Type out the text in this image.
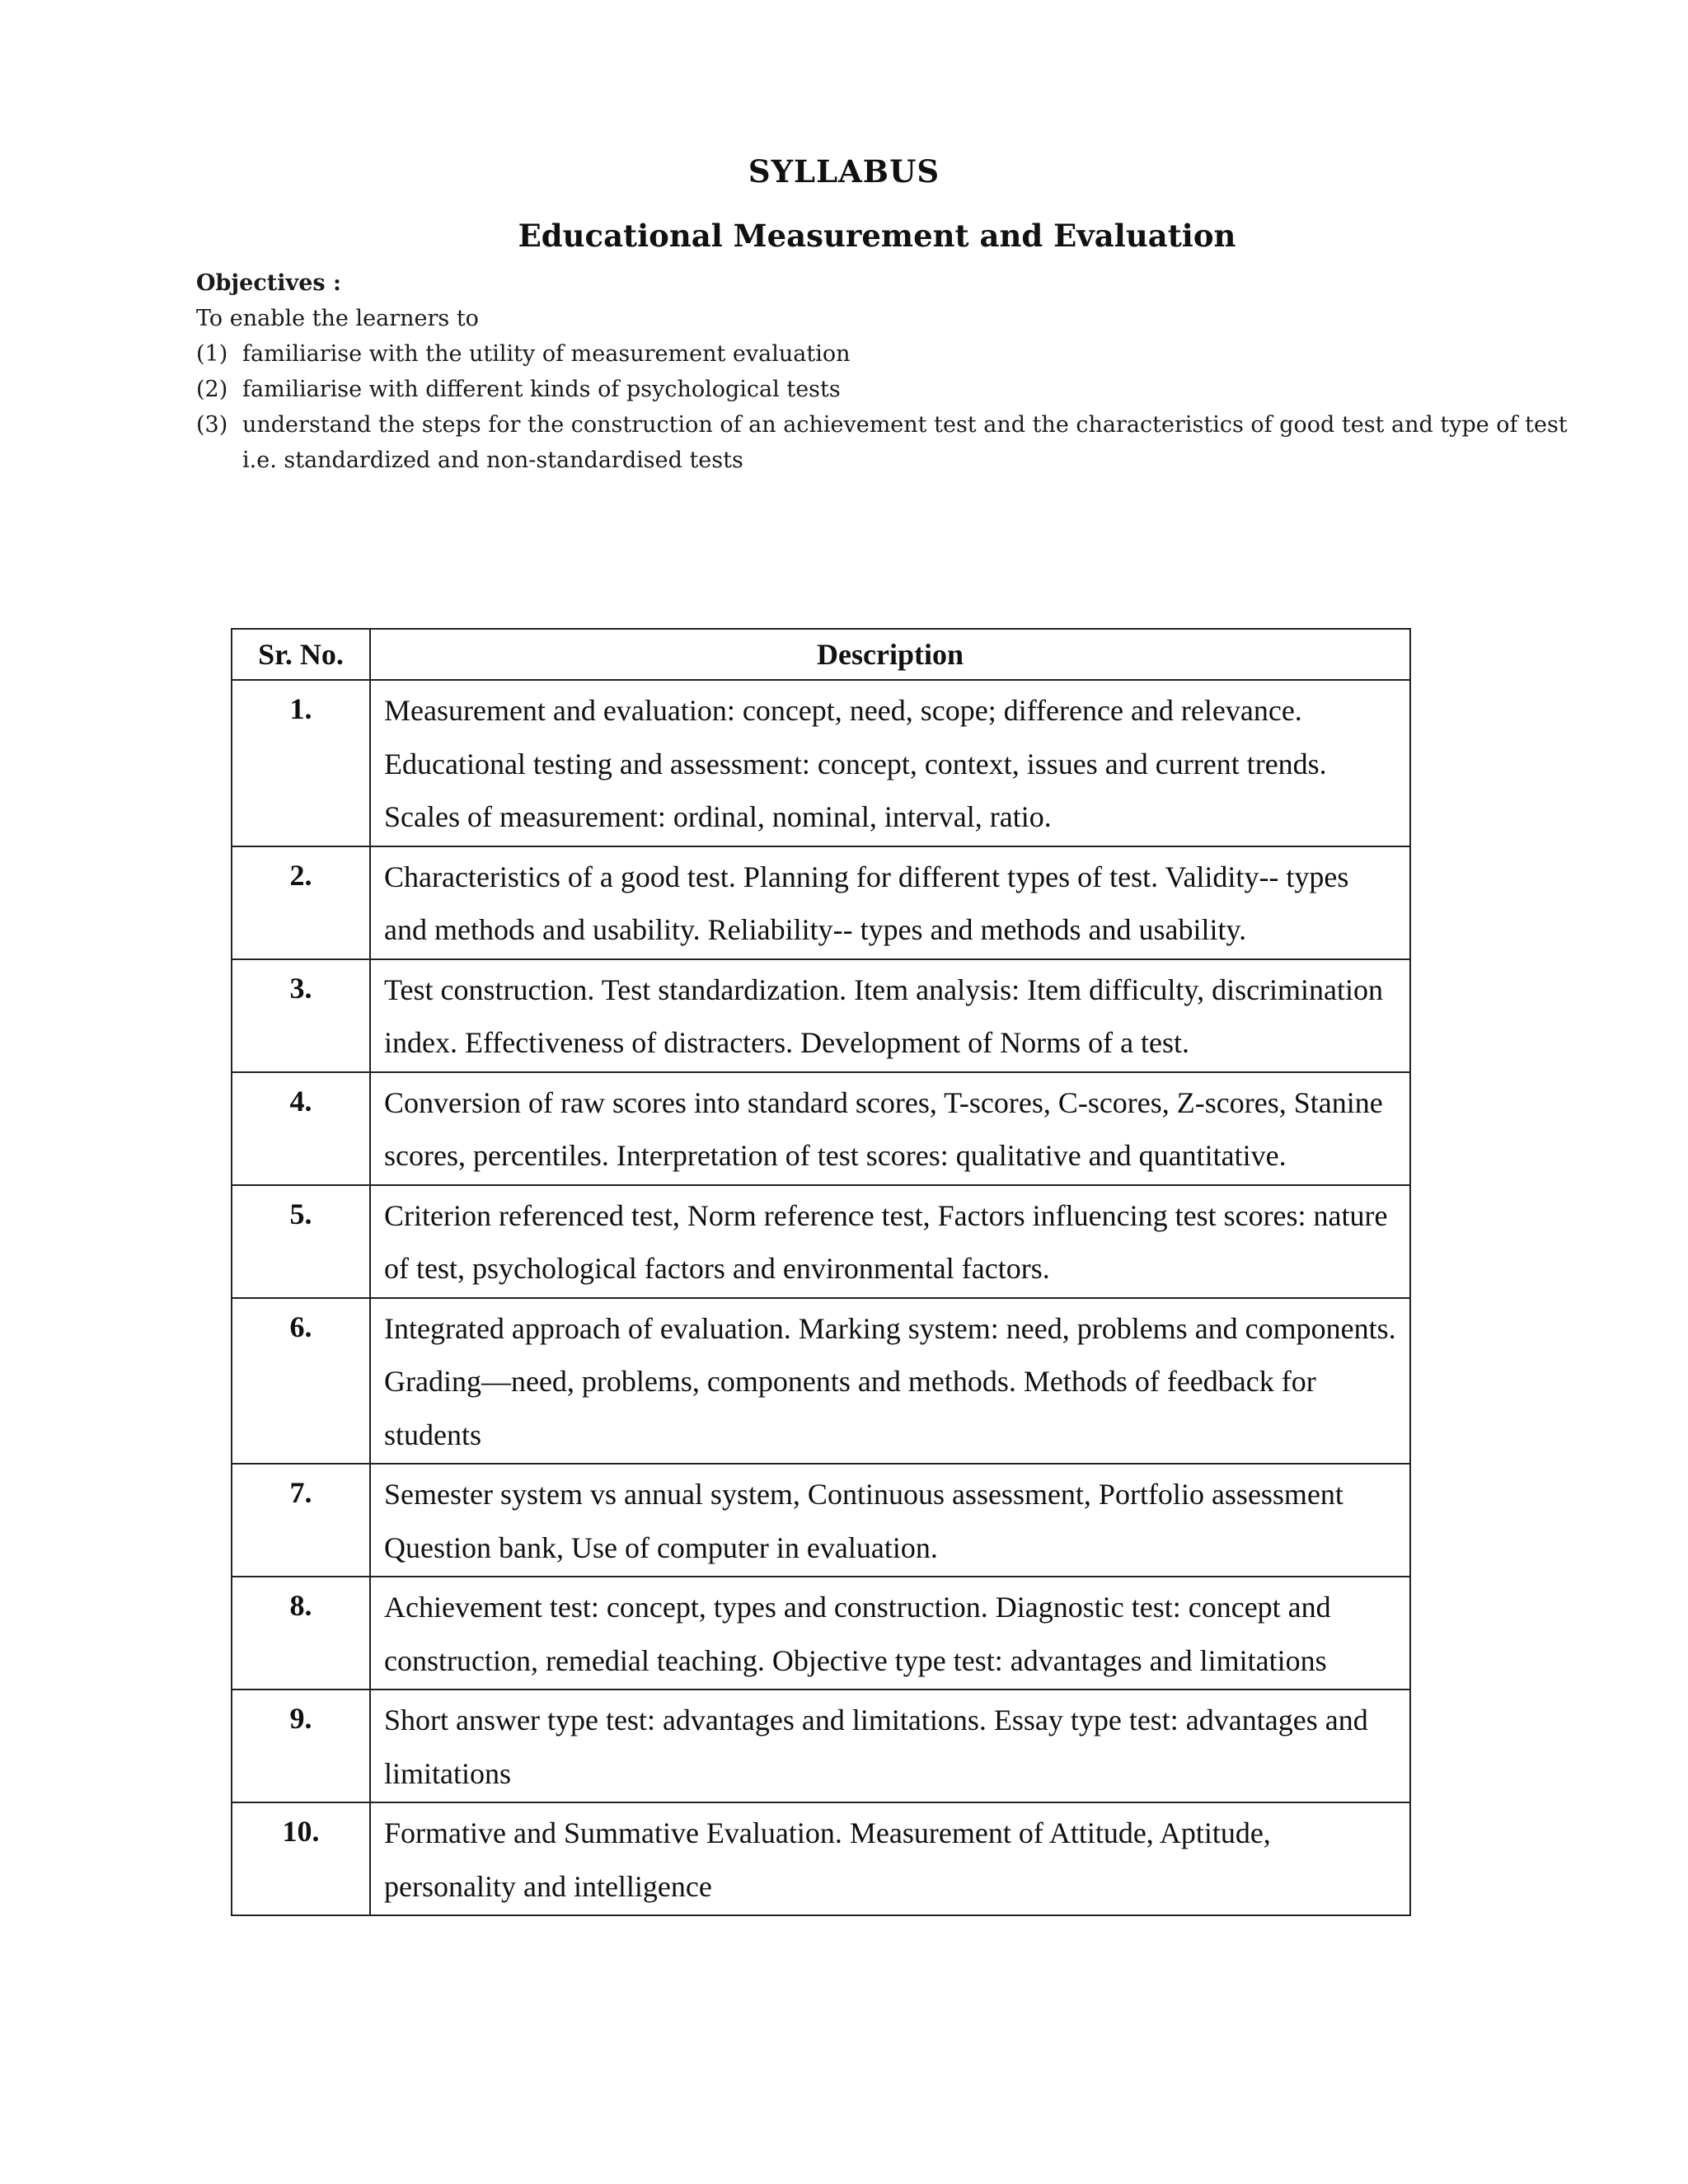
SYLLABUS
Educational Measurement and Evaluation
Objectives :

To enable the learners to

(1) familiarise with the utility of measurement evaluation
(2) familiarise with different kinds of psychological tests
(3) understand the steps for the construction of an achievement test and the characteristics of good test and type of test i.e. standardized and non-standardised tests
Sr. No.	Description
1.	Measurement and evaluation: concept, need, scope; difference and relevance. Educational testing and assessment: concept, context, issues and current trends. Scales of measurement: ordinal, nominal, interval, ratio.
2.	Characteristics of a good test. Planning for different types of test. Validity-- types and methods and usability. Reliability-- types and methods and usability.
3.	Test construction. Test standardization. Item analysis: Item difficulty, discrimination index. Effectiveness of distracters. Development of Norms of a test.
4.	Conversion of raw scores into standard scores, T-scores, C-scores, Z-scores, Stanine scores, percentiles. Interpretation of test scores: qualitative and quantitative.
5.	Criterion referenced test, Norm reference test, Factors influencing test scores: nature of test, psychological factors and environmental factors.
6.	Integrated approach of evaluation. Marking system: need, problems and components. Grading—need, problems, components and methods. Methods of feedback for students
7.	Semester system vs annual system, Continuous assessment, Portfolio assessment Question bank, Use of computer in evaluation.
8.	Achievement test: concept, types and construction. Diagnostic test: concept and construction, remedial teaching. Objective type test: advantages and limitations
9.	Short answer type test: advantages and limitations. Essay type test: advantages and limitations
10.	Formative and Summative Evaluation. Measurement of Attitude, Aptitude, personality and intelligence
